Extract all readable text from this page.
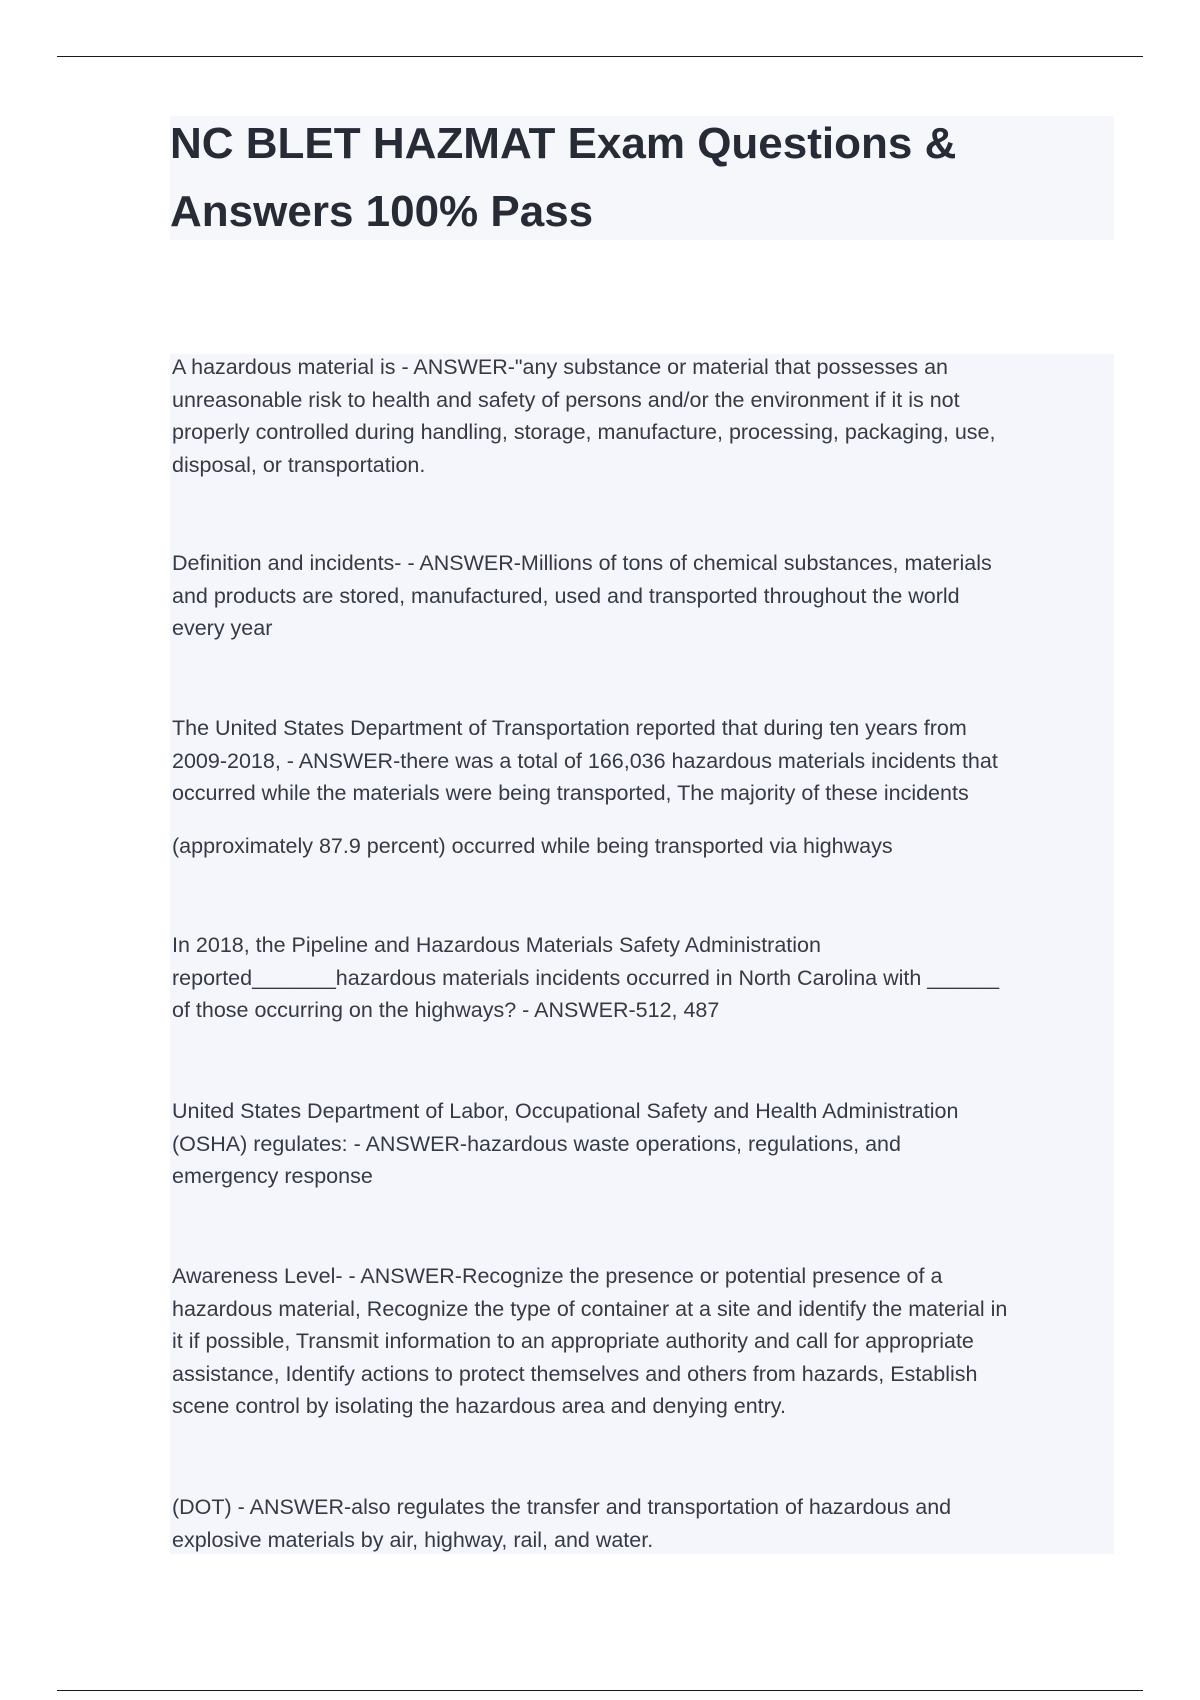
NC BLET HAZMAT Exam Questions &
Answers 100% Pass

A hazardous material is - ANSWER-"any substance or material that possesses an
unreasonable risk to health and safety of persons and/or the environment if it is not
properly controlled during handling, storage, manufacture, processing, packaging, use,
disposal, or transportation.

Definition and incidents- - ANSWER-Millions of tons of chemical substances, materials
and products are stored, manufactured, used and transported throughout the world
every year

The United States Department of Transportation reported that during ten years from
2009-2018, - ANSWER-there was a total of 166,036 hazardous materials incidents that
occurred while the materials were being transported, The majority of these incidents

(approximately 87.9 percent) occurred while being transported via highways

In 2018, the Pipeline and Hazardous Materials Safety Administration
reported_______hazardous materials incidents occurred in North Carolina with ______
of those occurring on the highways? - ANSWER-512, 487

United States Department of Labor, Occupational Safety and Health Administration
(OSHA) regulates: - ANSWER-hazardous waste operations, regulations, and
emergency response

Awareness Level- - ANSWER-Recognize the presence or potential presence of a
hazardous material, Recognize the type of container at a site and identify the material in
it if possible, Transmit information to an appropriate authority and call for appropriate
assistance, Identify actions to protect themselves and others from hazards, Establish
scene control by isolating the hazardous area and denying entry.

(DOT) - ANSWER-also regulates the transfer and transportation of hazardous and
explosive materials by air, highway, rail, and water.
